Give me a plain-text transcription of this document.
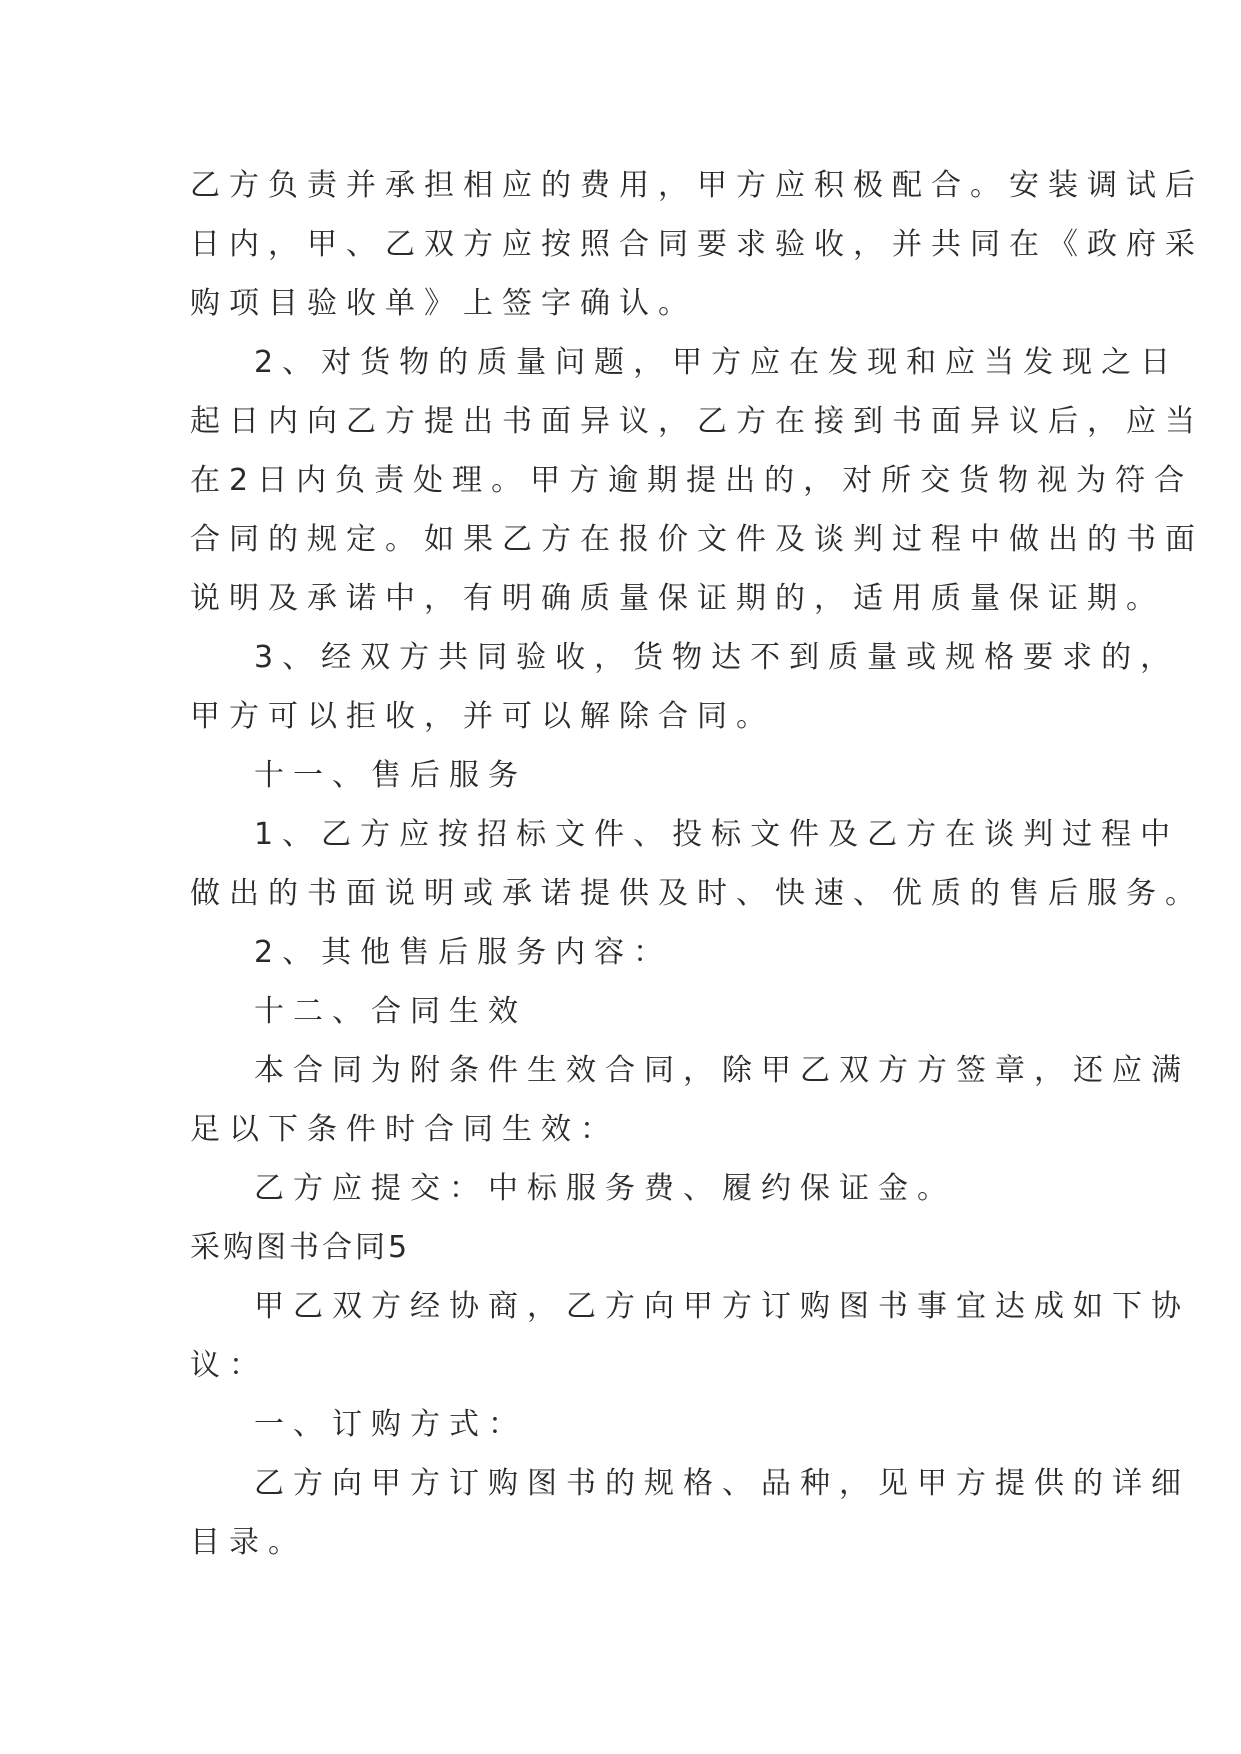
乙方负责并承担相应的费用，甲方应积极配合。安装调试后
日内，甲、乙双方应按照合同要求验收，并共同在《政府采
购项目验收单》上签字确认。
2、对货物的质量问题，甲方应在发现和应当发现之日
起日内向乙方提出书面异议，乙方在接到书面异议后，应当
在2日内负责处理。甲方逾期提出的，对所交货物视为符合
合同的规定。如果乙方在报价文件及谈判过程中做出的书面
说明及承诺中，有明确质量保证期的，适用质量保证期。
3、经双方共同验收，货物达不到质量或规格要求的，
甲方可以拒收，并可以解除合同。
十一、售后服务
1、乙方应按招标文件、投标文件及乙方在谈判过程中
做出的书面说明或承诺提供及时、快速、优质的售后服务。
2、其他售后服务内容：
十二、合同生效
本合同为附条件生效合同，除甲乙双方方签章，还应满
足以下条件时合同生效：
乙方应提交：中标服务费、履约保证金。
采购图书合同5
甲乙双方经协商，乙方向甲方订购图书事宜达成如下协
议：
一、订购方式：
乙方向甲方订购图书的规格、品种，见甲方提供的详细
目录。
